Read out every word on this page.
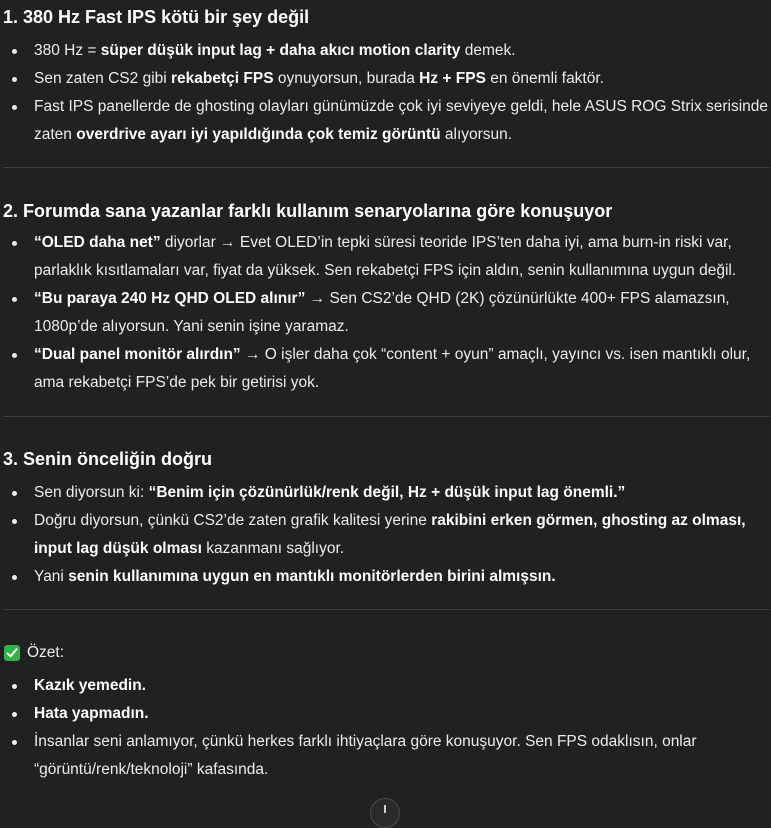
1. 380 Hz Fast IPS kötü bir şey değil
380 Hz = süper düşük input lag + daha akıcı motion clarity demek.
Sen zaten CS2 gibi rekabetçi FPS oynuyorsun, burada Hz + FPS en önemli faktör.
Fast IPS panellerde de ghosting olayları günümüzde çok iyi seviyeye geldi, hele ASUS ROG Strix serisinde zaten overdrive ayarı iyi yapıldığında çok temiz görüntü alıyorsun.
2. Forumda sana yazanlar farklı kullanım senaryolarına göre konuşuyor
“OLED daha net” diyorlar → Evet OLED’in tepki süresi teoride IPS’ten daha iyi, ama burn-in riski var, parlaklık kısıtlamaları var, fiyat da yüksek. Sen rekabetçi FPS için aldın, senin kullanımına uygun değil.
“Bu paraya 240 Hz QHD OLED alınır” → Sen CS2’de QHD (2K) çözünürlükte 400+ FPS alamazsın, 1080p’de alıyorsun. Yani senin işine yaramaz.
“Dual panel monitör alırdın” → O işler daha çok “content + oyun” amaçlı, yayıncı vs. isen mantıklı olur, ama rekabetçi FPS’de pek bir getirisi yok.
3. Senin önceliğin doğru
Sen diyorsun ki: “Benim için çözünürlük/renk değil, Hz + düşük input lag önemli.”
Doğru diyorsun, çünkü CS2’de zaten grafik kalitesi yerine rakibini erken görmen, ghosting az olması, input lag düşük olması kazanmanı sağlıyor.
Yani senin kullanımına uygun en mantıklı monitörlerden birini almışsın.
Özet:
Kazık yemedin.
Hata yapmadın.
İnsanlar seni anlamıyor, çünkü herkes farklı ihtiyaçlara göre konuşuyor. Sen FPS odaklısın, onlar “görüntü/renk/teknoloji” kafasında.
